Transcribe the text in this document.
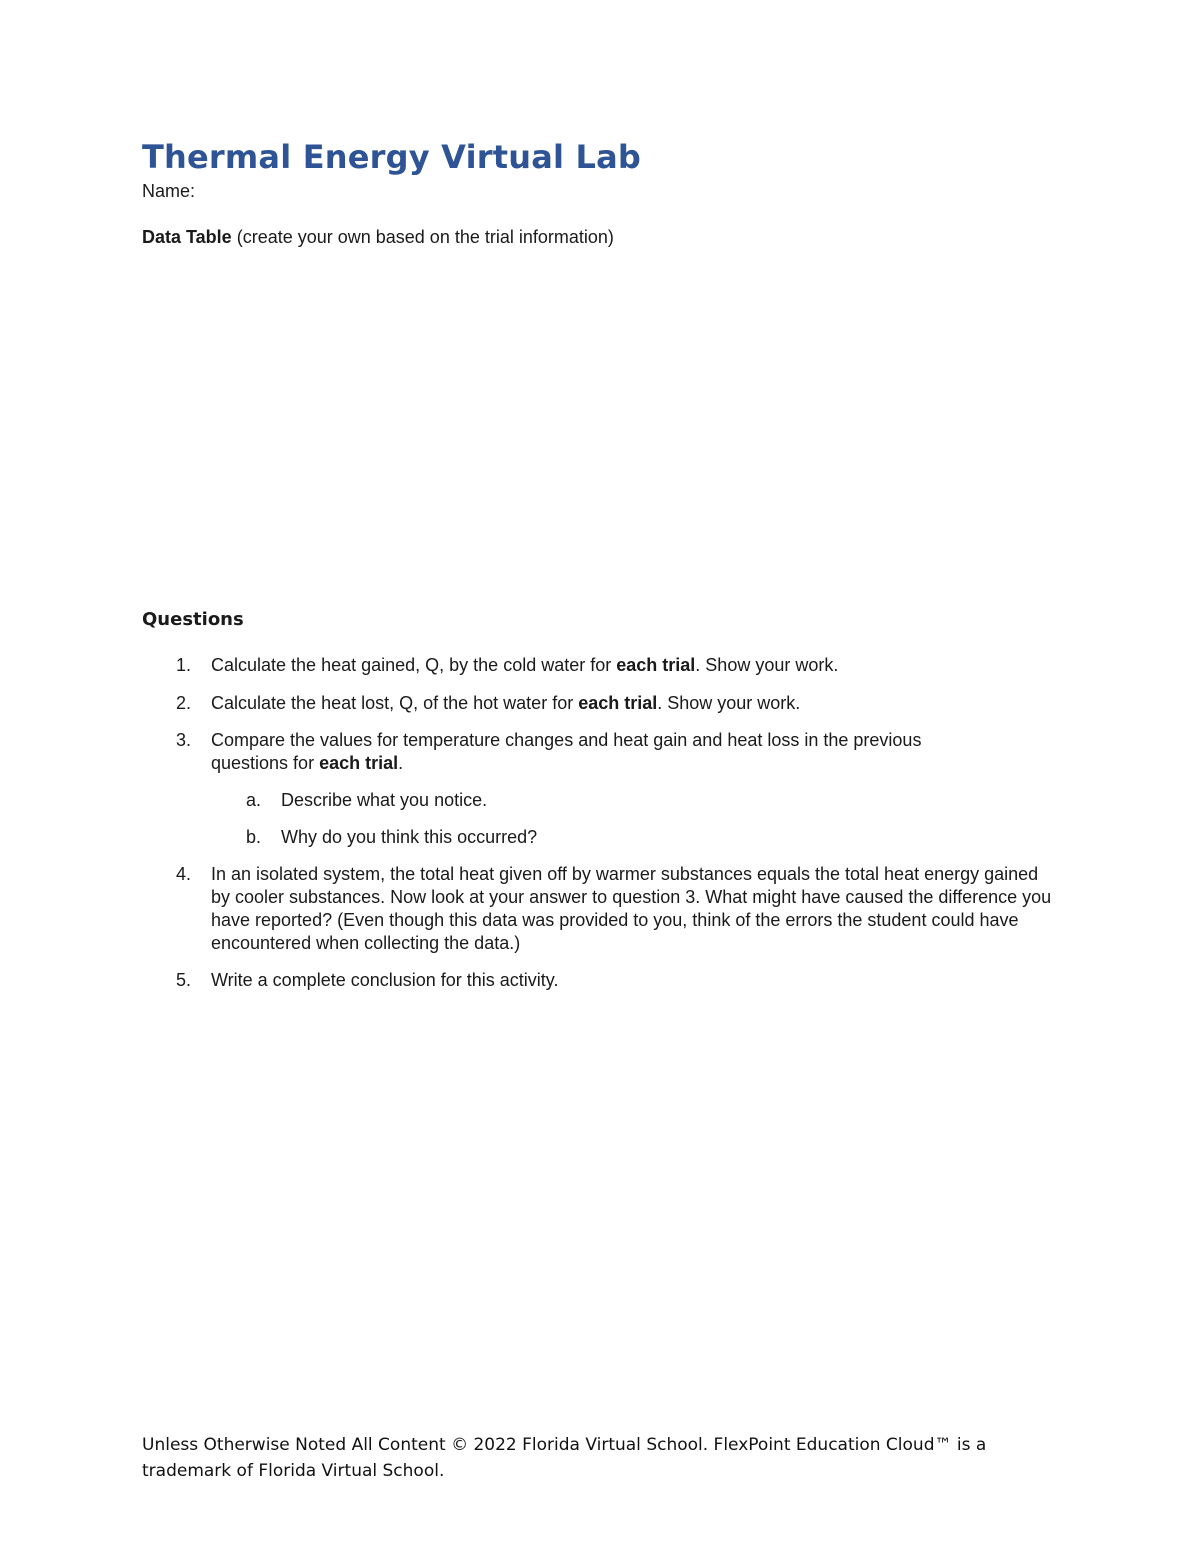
Thermal Energy Virtual Lab
Name:
Data Table (create your own based on the trial information)
Questions
1.	Calculate the heat gained, Q, by the cold water for each trial. Show your work.
2.	Calculate the heat lost, Q, of the hot water for each trial. Show your work.
3.	Compare the values for temperature changes and heat gain and heat loss in the previous questions for each trial.
a.	Describe what you notice.
b.	Why do you think this occurred?
4.	In an isolated system, the total heat given off by warmer substances equals the total heat energy gained by cooler substances. Now look at your answer to question 3. What might have caused the difference you have reported? (Even though this data was provided to you, think of the errors the student could have encountered when collecting the data.)
5.	Write a complete conclusion for this activity.
Unless Otherwise Noted All Content © 2022 Florida Virtual School. FlexPoint Education Cloud™ is a trademark of Florida Virtual School.
